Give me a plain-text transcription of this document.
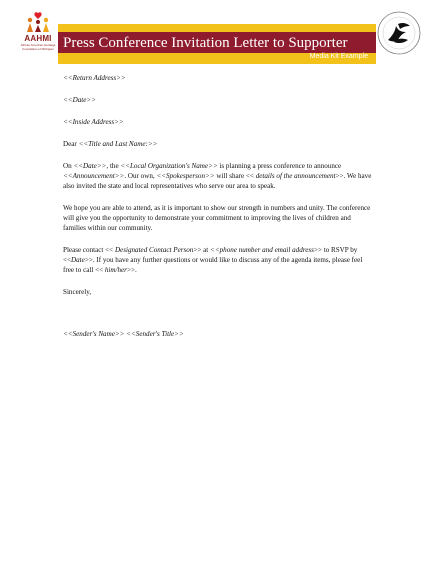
AAHMI
African American Heritage Foundation of Michigan Press Conference Invitation Letter to Supporter
Media Kit Example

<<Return Address>>

<<Date>>

<<Inside Address>>

Dear <<Title and Last Name:>>

On <<Date>>, the <<Local Organization's Name>> is planning a press conference to announce <<Announcement>>. Our own, <<Spokesperson>> will share << details of the announcement>>. We have also invited the state and local representatives who serve our area to speak.

We hope you are able to attend, as it is important to show our strength in numbers and unity. The conference will give you the opportunity to demonstrate your commitment to improving the lives of children and families within our community.

Please contact << Designated Contact Person>> at <<phone number and email address>> to RSVP by <<Date>>. If you have any further questions or would like to discuss any of the agenda items, please feel free to call << him/her>>.

Sincerely,

<<Sender's Name>> <<Sender's Title>>
